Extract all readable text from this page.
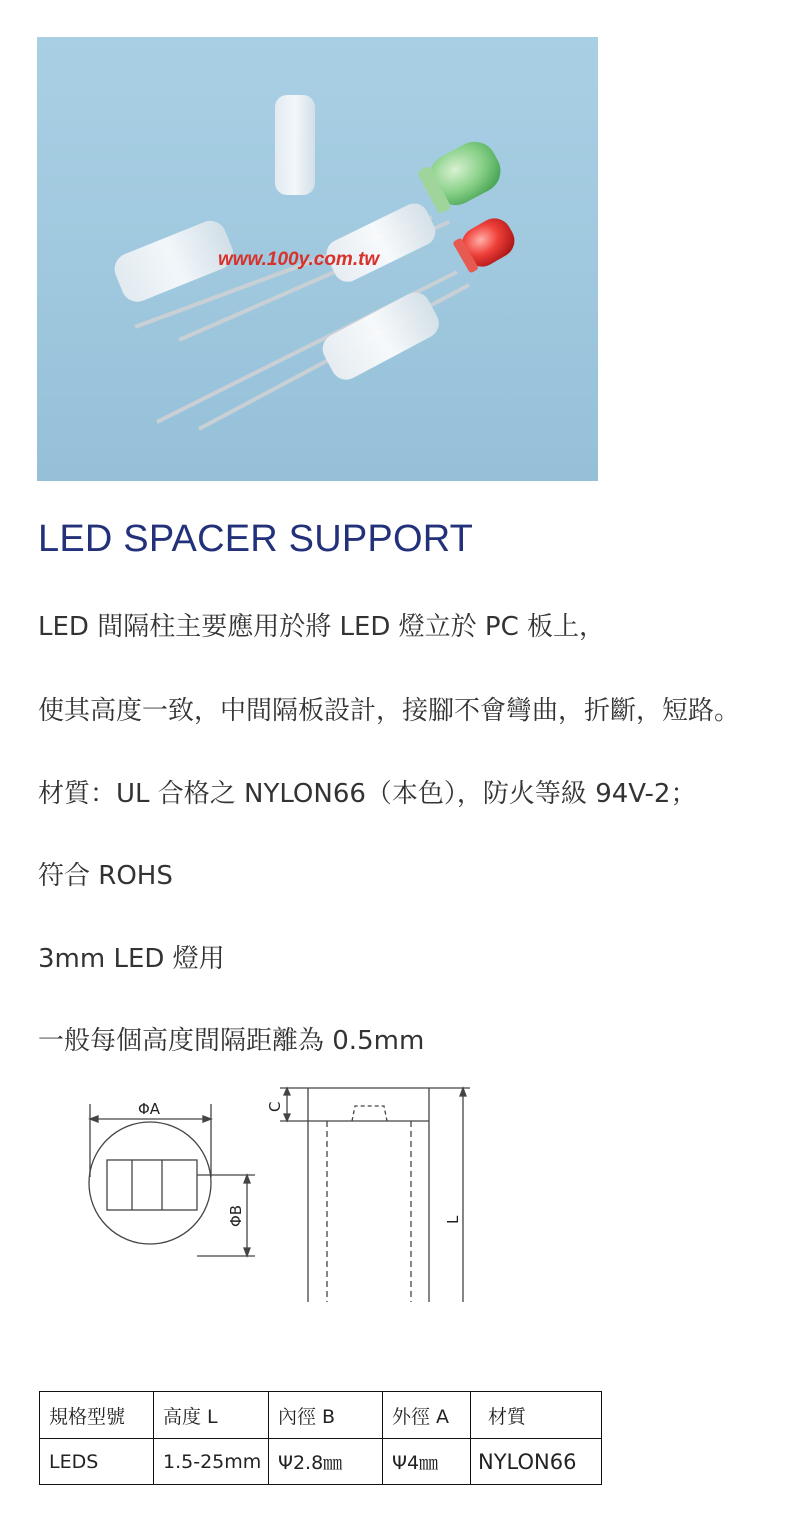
www.100y.com.tw
LED SPACER SUPPORT
LED 間隔柱主要應用於將 LED 燈立於 PC 板上，
使其高度一致，中間隔板設計，接腳不會彎曲，折斷，短路。
材質：UL 合格之 NYLON66（本色），防火等級 94V-2；
符合 ROHS
3mm LED 燈用
一般每個高度間隔距離為 0.5mm
ΦA
ΦB
C
L
規格型號	高度 L	內徑 B	外徑 A	材質
LEDS	1.5-25mm	Ψ2.8㎜	Ψ4㎜	NYLON66
